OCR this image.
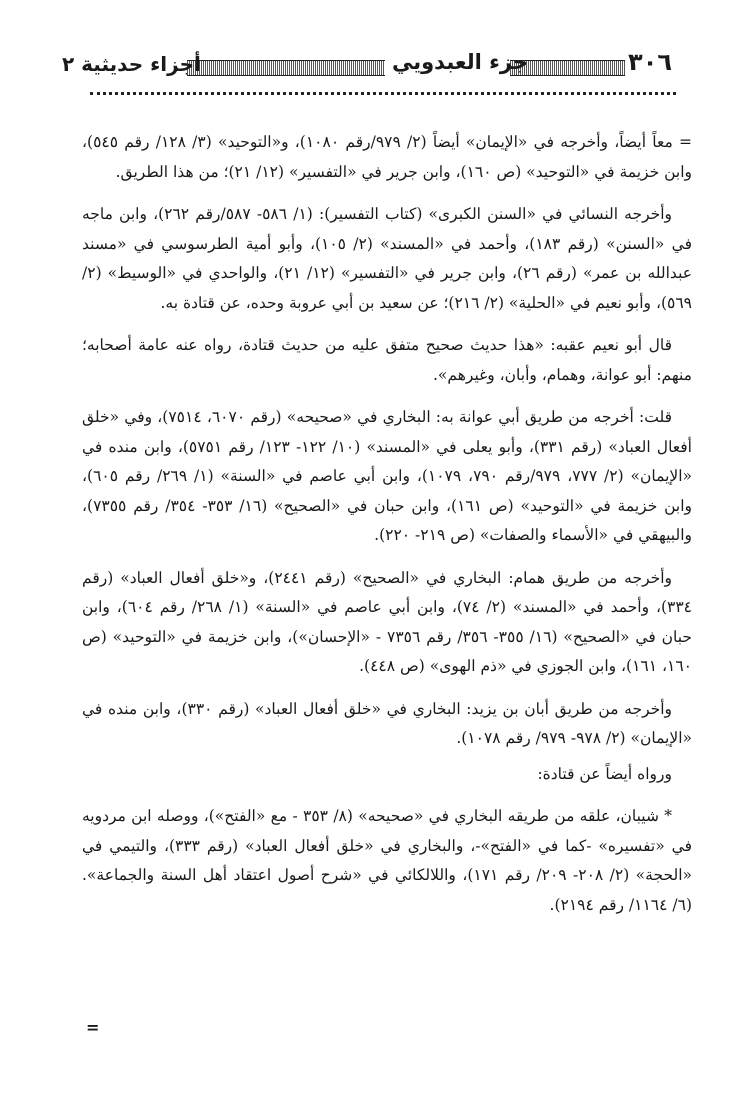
٣٠٦
جزء العبدويي
أجزاء حديثية ٢

= معاً أيضاً، وأخرجه في «الإيمان» أيضاً (٢/ ٩٧٩/رقم ١٠٨٠)، و«التوحيد» (٣/ ١٢٨/ رقم ٥٤٥)، وابن خزيمة في «التوحيد» (ص ١٦٠)، وابن جرير في «التفسير» (١٢/ ٢١)؛ من هذا الطريق.

وأخرجه النسائي في «السنن الكبرى» (كتاب التفسير): (١/ ٥٨٦- ٥٨٧/رقم ٢٦٢)، وابن ماجه في «السنن» (رقم ١٨٣)، وأحمد في «المسند» (٢/ ١٠٥)، وأبو أمية الطرسوسي في «مسند عبدالله بن عمر» (رقم ٢٦)، وابن جرير في «التفسير» (١٢/ ٢١)، والواحدي في «الوسيط» (٢/ ٥٦٩)، وأبو نعيم في «الحلية» (٢/ ٢١٦)؛ عن سعيد بن أبي عروبة وحده، عن قتادة به.

قال أبو نعيم عقبه: «هذا حديث صحيح متفق عليه من حديث قتادة، رواه عنه عامة أصحابه؛ منهم: أبو عوانة، وهمام، وأبان، وغيرهم».

قلت: أخرجه من طريق أبي عوانة به: البخاري في «صحيحه» (رقم ٦٠٧٠، ٧٥١٤)، وفي «خلق أفعال العباد» (رقم ٣٣١)، وأبو يعلى في «المسند» (١٠/ ١٢٢- ١٢٣/ رقم ٥٧٥١)، وابن منده في «الإيمان» (٢/ ٧٧٧، ٩٧٩/رقم ٧٩٠، ١٠٧٩)، وابن أبي عاصم في «السنة» (١/ ٢٦٩/ رقم ٦٠٥)، وابن خزيمة في «التوحيد» (ص ١٦١)، وابن حبان في «الصحيح» (١٦/ ٣٥٣- ٣٥٤/ رقم ٧٣٥٥)، والبيهقي في «الأسماء والصفات» (ص ٢١٩- ٢٢٠).

وأخرجه من طريق همام: البخاري في «الصحيح» (رقم ٢٤٤١)، و«خلق أفعال العباد» (رقم ٣٣٤)، وأحمد في «المسند» (٢/ ٧٤)، وابن أبي عاصم في «السنة» (١/ ٢٦٨/ رقم ٦٠٤)، وابن حبان في «الصحيح» (١٦/ ٣٥٥- ٣٥٦/ رقم ٧٣٥٦ - «الإحسان»)، وابن خزيمة في «التوحيد» (ص ١٦٠، ١٦١)، وابن الجوزي في «ذم الهوى» (ص ٤٤٨).

وأخرجه من طريق أبان بن يزيد: البخاري في «خلق أفعال العباد» (رقم ٣٣٠)، وابن منده في «الإيمان» (٢/ ٩٧٨- ٩٧٩/ رقم ١٠٧٨).

ورواه أيضاً عن قتادة:

* شيبان، علقه من طريقه البخاري في «صحيحه» (٨/ ٣٥٣ - مع «الفتح»)، ووصله ابن مردويه في «تفسيره» -كما في «الفتح»-، والبخاري في «خلق أفعال العباد» (رقم ٣٣٣)، والتيمي في «الحجة» (٢/ ٢٠٨- ٢٠٩/ رقم ١٧١)، واللالكائي في «شرح أصول اعتقاد أهل السنة والجماعة». (٦/ ١١٦٤/ رقم ٢١٩٤).

=
